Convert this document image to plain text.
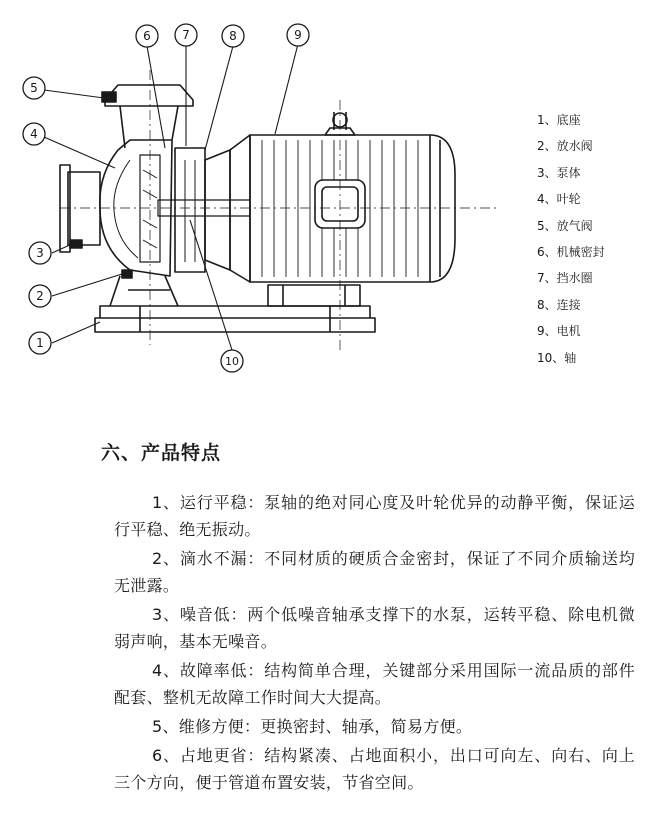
1
2
3
4
5
6	7	8	9
10
1、底座
2、放水阀
3、泵体
4、叶轮
5、放气阀
6、机械密封
7、挡水圈
8、连接
9、电机
10、轴
六、产品特点

1、运行平稳：泵轴的绝对同心度及叶轮优异的动静平衡，保证运行平稳、绝无振动。

2、滴水不漏：不同材质的硬质合金密封，保证了不同介质输送均无泄露。

3、噪音低：两个低噪音轴承支撑下的水泵，运转平稳、除电机微弱声响，基本无噪音。

4、故障率低：结构简单合理，关键部分采用国际一流品质的部件配套、整机无故障工作时间大大提高。

5、维修方便：更换密封、轴承，简易方便。

6、占地更省：结构紧凑、占地面积小，出口可向左、向右、向上三个方向，便于管道布置安装，节省空间。
